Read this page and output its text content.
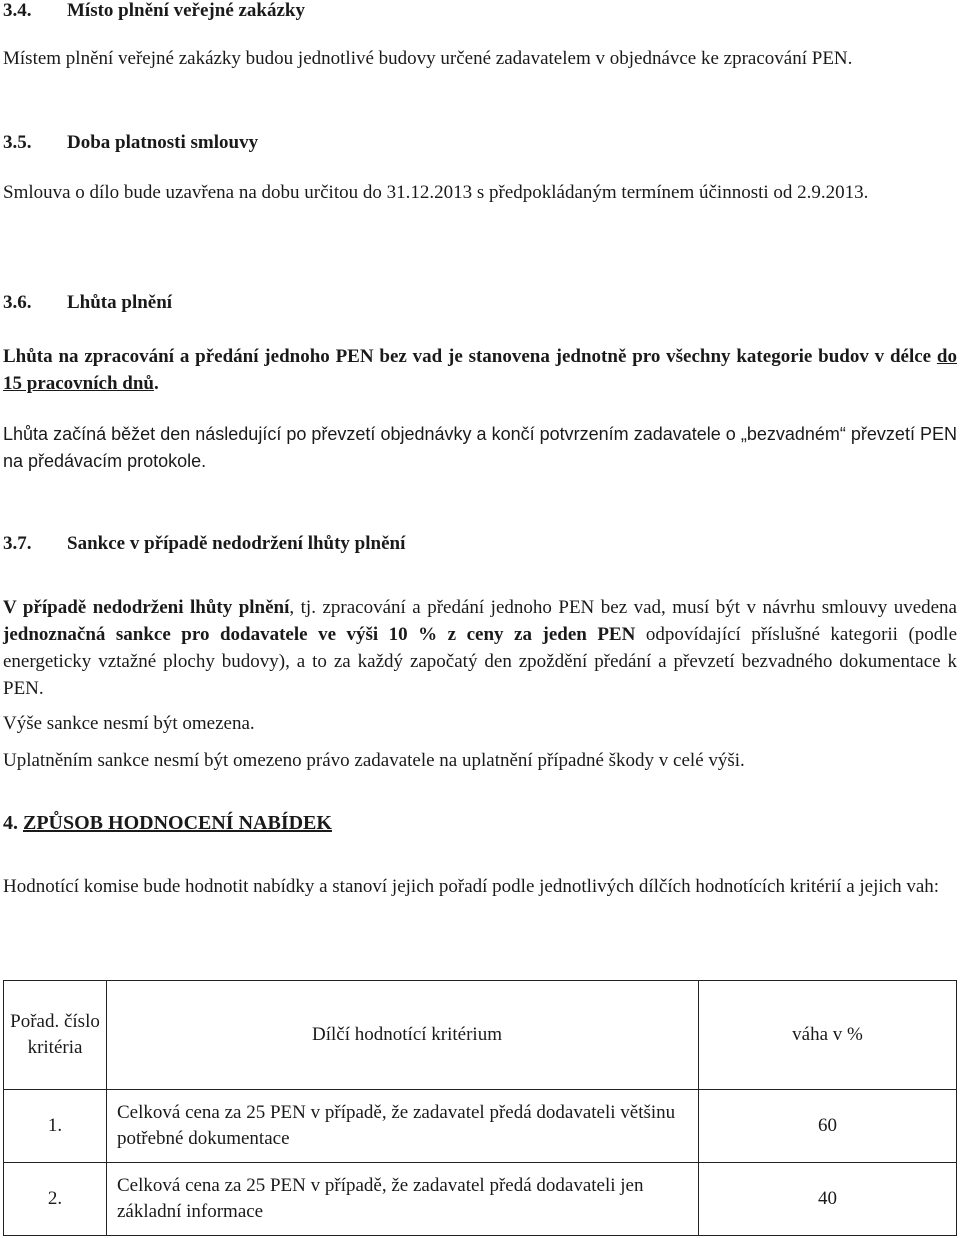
3.4. Místo plnění veřejné zakázky
Místem plnění veřejné zakázky budou jednotlivé budovy určené zadavatelem v objednávce ke zpracování PEN.
3.5. Doba platnosti smlouvy
Smlouva o dílo bude uzavřena na dobu určitou do 31.12.2013 s předpokládaným termínem účinnosti od 2.9.2013.
3.6. Lhůta plnění
Lhůta na zpracování a předání jednoho PEN bez vad je stanovena jednotně pro všechny kategorie budov v délce do 15 pracovních dnů.
Lhůta začíná běžet den následující po převzetí objednávky a končí potvrzením zadavatele o „bezvadném“ převzetí PEN na předávacím protokole.
3.7. Sankce v případě nedodržení lhůty plnění
V případě nedodrženi lhůty plnění, tj. zpracování a předání jednoho PEN bez vad, musí být v návrhu smlouvy uvedena jednoznačná sankce pro dodavatele ve výši 10 % z ceny za jeden PEN odpovídající příslušné kategorii (podle energeticky vztažné plochy budovy), a to za každý započatý den zpoždění předání a převzetí bezvadného dokumentace k PEN.
Výše sankce nesmí být omezena.
Uplatněním sankce nesmí být omezeno právo zadavatele na uplatnění případné škody v celé výši.
4. ZPŮSOB HODNOCENÍ NABÍDEK
Hodnotící komise bude hodnotit nabídky a stanoví jejich pořadí podle jednotlivých dílčích hodnotících kritérií a jejich vah:
Pořad. číslo kritéria	Dílčí hodnotící kritérium	váha v %
1.	Celková cena za 25 PEN v případě, že zadavatel předá dodavateli většinu potřebné dokumentace	60
2.	Celková cena za 25 PEN v případě, že zadavatel předá dodavateli jen základní informace	40
